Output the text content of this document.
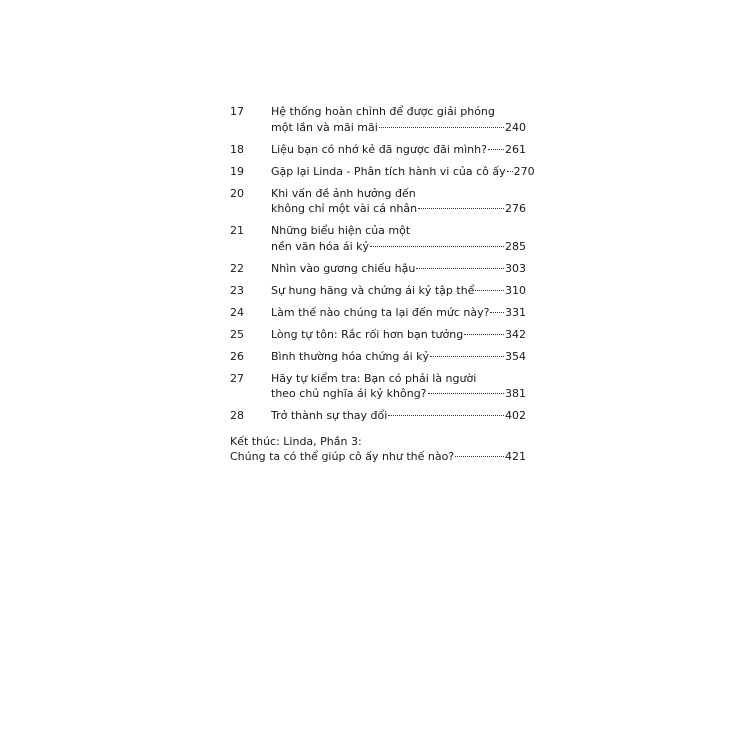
17	Hệ thống hoàn chỉnh để được giải phóng
một lần và mãi mãi	240
18	Liệu bạn có nhớ kẻ đã ngược đãi mình? 261
19	Gặp lại Linda - Phân tích hành vi của cô ấy 270
20	Khi vấn đề ảnh hưởng đến
không chỉ một vài cá nhân	276
21	Những biểu hiện của một
nền văn hóa ái kỷ	285
22	Nhìn vào gương chiếu hậu	303
23	Sự hung hăng và chứng ái kỷ tập thể	310
24	Làm thế nào chúng ta lại đến mức này? 331
25	Lòng tự tôn: Rắc rối hơn bạn tưởng	342
26	Bình thường hóa chứng ái kỷ	354
27	Hãy tự kiểm tra: Bạn có phải là người
theo chủ nghĩa ái kỷ không?	381
28	Trở thành sự thay đổi	402
Kết thúc: Linda, Phần 3:
Chúng ta có thể giúp cô ấy như thế nào?	421
